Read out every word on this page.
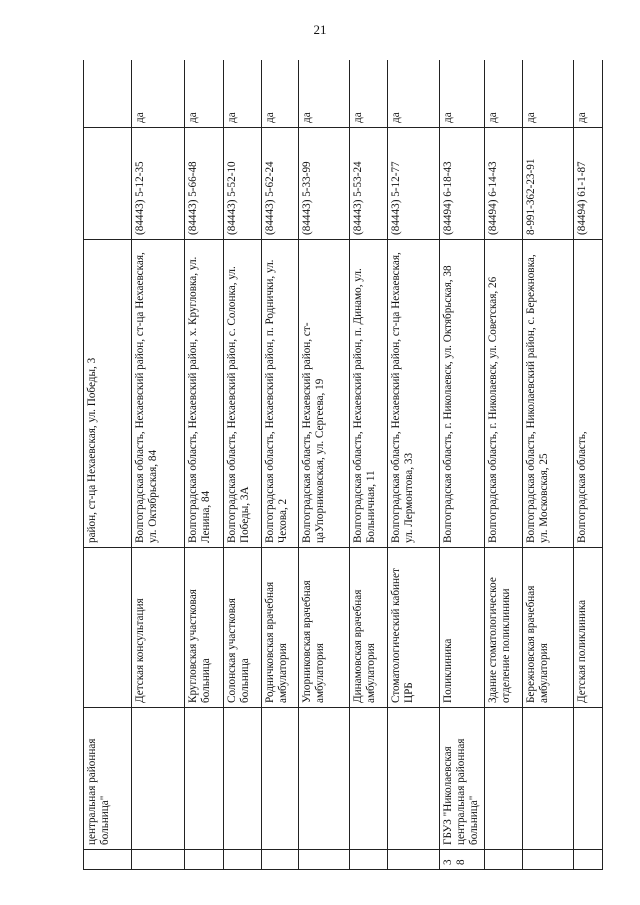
21
	центральная районная больница"		район, ст-ца Нехаевская, ул. Победы, 3		
		Детская консультация	Волгоградская область, Нехаевский район, ст-ца Нехаевская, ул. Октябрьская, 84	(84443) 5-12-35	да
		Кругловская участковая больница	Волгоградская область, Нехаевский район, х. Кругловка, ул. Ленина, 84	(84443) 5-66-48	да
		Солонская участковая больница	Волгоградская область, Нехаевский район, с. Солонка, ул. Победы, 3А	(84443) 5-52-10	да
		Родничковская врачебная амбулатория	Волгоградская область, Нехаевский район, п. Роднички, ул. Чехова, 2	(84443) 5-62-24	да
		Упорниковская врачебная амбулатория	Волгоградская область, Нехаевский район, ст-цаУпорниковская, ул. Сергеева, 19	(84443) 5-33-99	да
		Динамовская врачебная амбулатория	Волгоградская область, Нехаевский район, п. Динамо, ул. Больничная, 11	(84443) 5-53-24	да
		Стоматологический кабинет ЦРБ	Волгоградская область, Нехаевский район, ст-ца Нехаевская, ул. Лермонтова, 33	(84443) 5-12-77	да
38	ГБУЗ "Николаевская центральная районная больница"	Поликлиника	Волгоградская область, г. Николаевск, ул. Октябрьская, 38	(84494) 6-18-43	да
		Здание стоматологическое отделение поликлиники	Волгоградская область, г. Николаевск, ул. Советская, 26	(84494) 6-14-43	да
		Бережновская врачебная амбулатория	Волгоградская область, Николаевский район, с. Бережновка, ул. Московская, 25	8-991-362-23-91	да
		Детская поликлиника	Волгоградская область,	(84494) 61-1-87	да
